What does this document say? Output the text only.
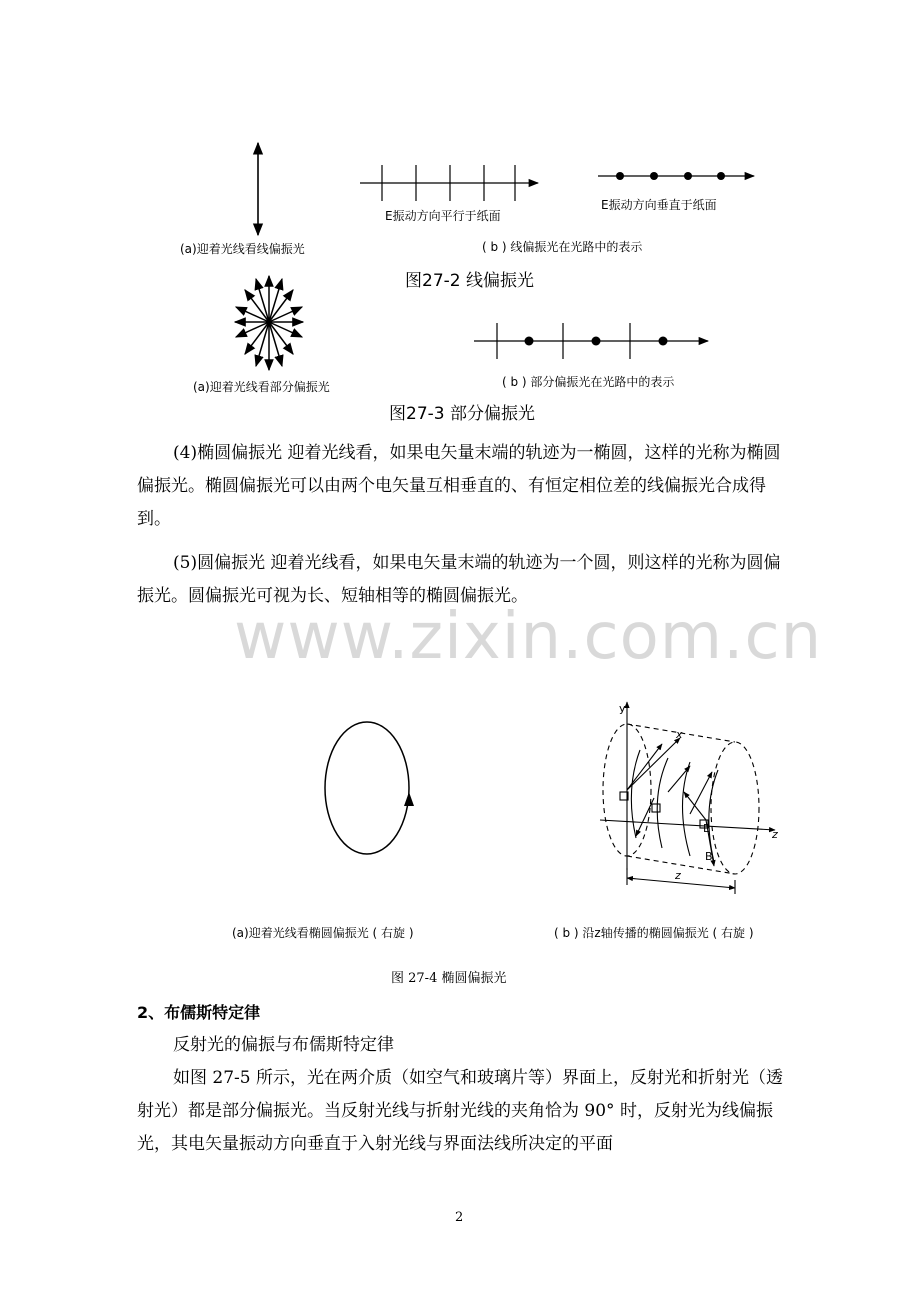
(a)迎着光线看线偏振光
E振动方向平行于纸面
E振动方向垂直于纸面
( b ) 线偏振光在光路中的表示
图27-2 线偏振光
(a)迎着光线看部分偏振光	( b ) 部分偏振光在光路中的表示
图27-3 部分偏振光

(4)椭圆偏振光 迎着光线看，如果电矢量末端的轨迹为一椭圆，这样的光称为椭圆偏振光。椭圆偏振光可以由两个电矢量互相垂直的、有恒定相位差的线偏振光合成得到。

(5)圆偏振光 迎着光线看，如果电矢量末端的轨迹为一个圆，则这样的光称为圆偏振光。圆偏振光可视为长、短轴相等的椭圆偏振光。

www.zixin.com.cn
y
x
z
E
B
z
(a)迎着光线看椭圆偏振光 ( 右旋 )	( b ) 沿z轴传播的椭圆偏振光 ( 右旋 )
图 27-4 椭圆偏振光
2、布儒斯特定律

反射光的偏振与布儒斯特定律

如图 27-5 所示，光在两介质（如空气和玻璃片等）界面上，反射光和折射光（透射光）都是部分偏振光。当反射光线与折射光线的夹角恰为 90° 时，反射光为线偏振光，其电矢量振动方向垂直于入射光线与界面法线所决定的平面

2
